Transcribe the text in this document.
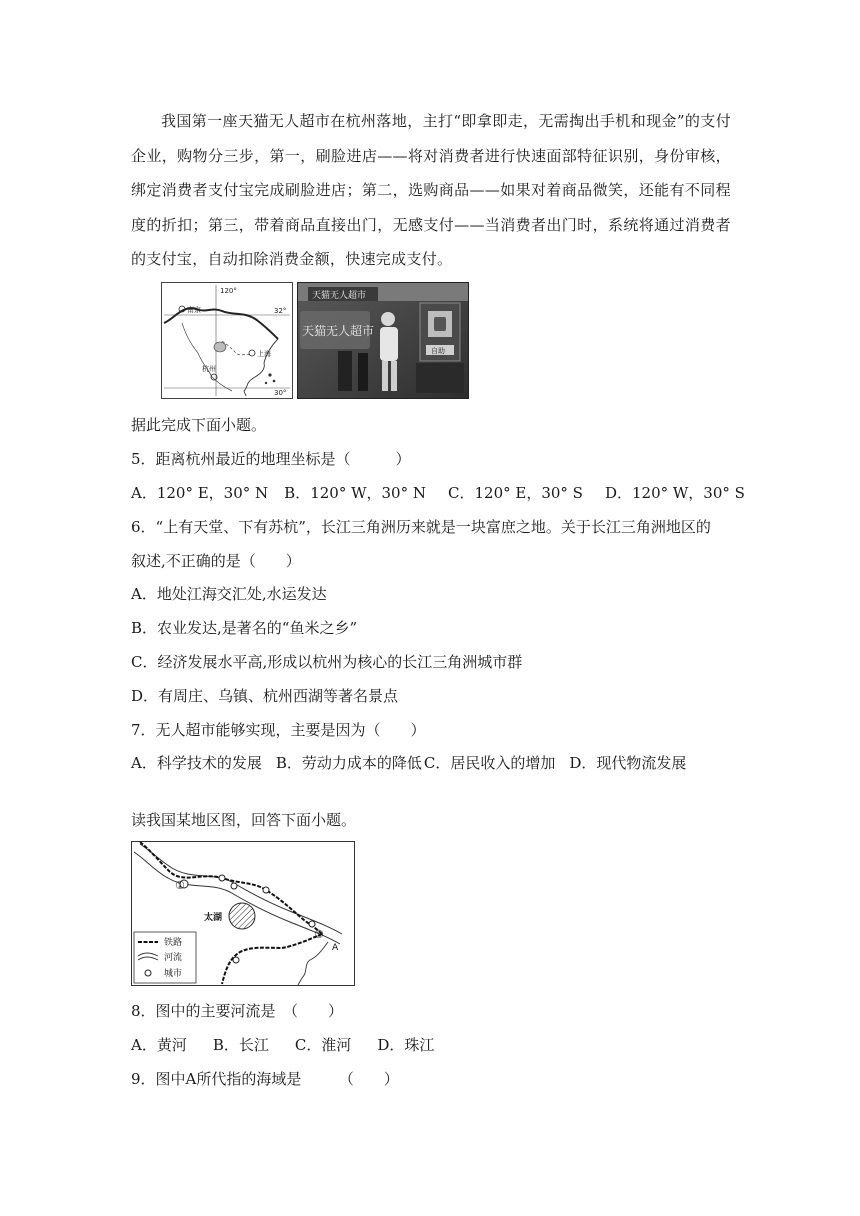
我国第一座天猫无人超市在杭州落地，主打“即拿即走，无需掏出手机和现金”的支付企业，购物分三步，第一，刷脸进店——将对消费者进行快速面部特征识别，身份审核，绑定消费者支付宝完成刷脸进店；第二，选购商品——如果对着商品微笑，还能有不同程度的折扣；第三，带着商品直接出门，无感支付——当消费者出门时，系统将通过消费者的支付宝，自动扣除消费金额，快速完成支付。
120°
32°
30°
南京
上海
杭州
天猫无人超市
天猫无人超市
自助
据此完成下面小题。
5．距离杭州最近的地理坐标是（　　　）
A．120° E，30° N B．120° W，30° N C．120° E，30° S D．120° W，30° S
6．“上有天堂、下有苏杭”，长江三角洲历来就是一块富庶之地。关于长江三角洲地区的
叙述,不正确的是（　　）
A．地处江海交汇处,水运发达
B．农业发达,是著名的“鱼米之乡”
C．经济发展水平高,形成以杭州为核心的长江三角洲城市群
D．有周庄、乌镇、杭州西湖等著名景点
7．无人超市能够实现，主要是因为（　　）
A．科学技术的发展 B．劳动力成本的降低 C．居民收入的增加 D．现代物流发展
读我国某地区图，回答下面小题。
①
②
太湖
A
铁路
河流
城市
8．图中的主要河流是　（　　）
A．黄河 B．长江 C．淮河 D．珠江
9．图中A所代指的海域是　　　（　　）
